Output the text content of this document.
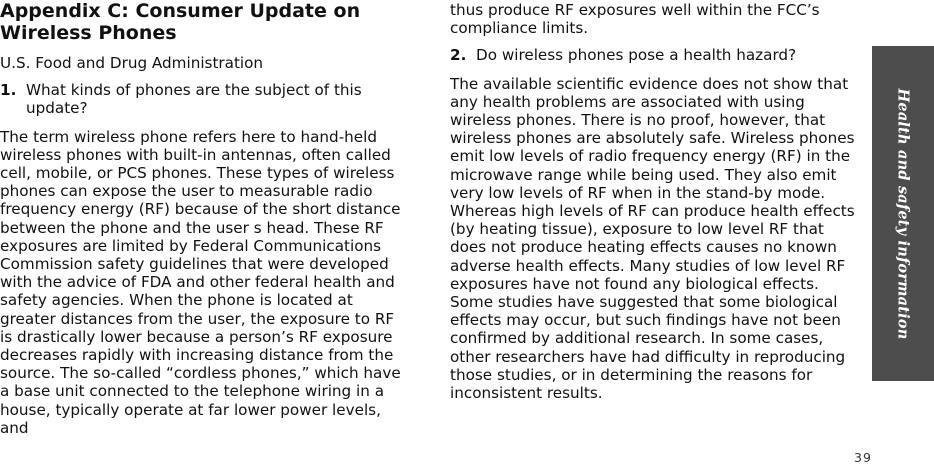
Appendix C: Consumer Update on
Wireless Phones

U.S. Food and Drug Administration

1. What kinds of phones are the subject of this update?

The term wireless phone refers here to hand-held wireless phones with built-in antennas, often called cell, mobile, or PCS phones. These types of wireless phones can expose the user to measurable radio frequency energy (RF) because of the short distance between the phone and the user s head. These RF exposures are limited by Federal Communications Commission safety guidelines that were developed with the advice of FDA and other federal health and safety agencies. When the phone is located at greater distances from the user, the exposure to RF is drastically lower because a person’s RF exposure decreases rapidly with increasing distance from the source. The so-called “cordless phones,” which have a base unit connected to the telephone wiring in a house, typically operate at far lower power levels, and

thus produce RF exposures well within the FCC’s compliance limits.

2. Do wireless phones pose a health hazard?

The available scientific evidence does not show that any health problems are associated with using wireless phones. There is no proof, however, that wireless phones are absolutely safe. Wireless phones emit low levels of radio frequency energy (RF) in the microwave range while being used. They also emit very low levels of RF when in the stand-by mode. Whereas high levels of RF can produce health effects (by heating tissue), exposure to low level RF that does not produce heating effects causes no known adverse health effects. Many studies of low level RF exposures have not found any biological effects. Some studies have suggested that some biological effects may occur, but such findings have not been confirmed by additional research. In some cases, other researchers have had difficulty in reproducing those studies, or in determining the reasons for inconsistent results.

Health and safety information
39
